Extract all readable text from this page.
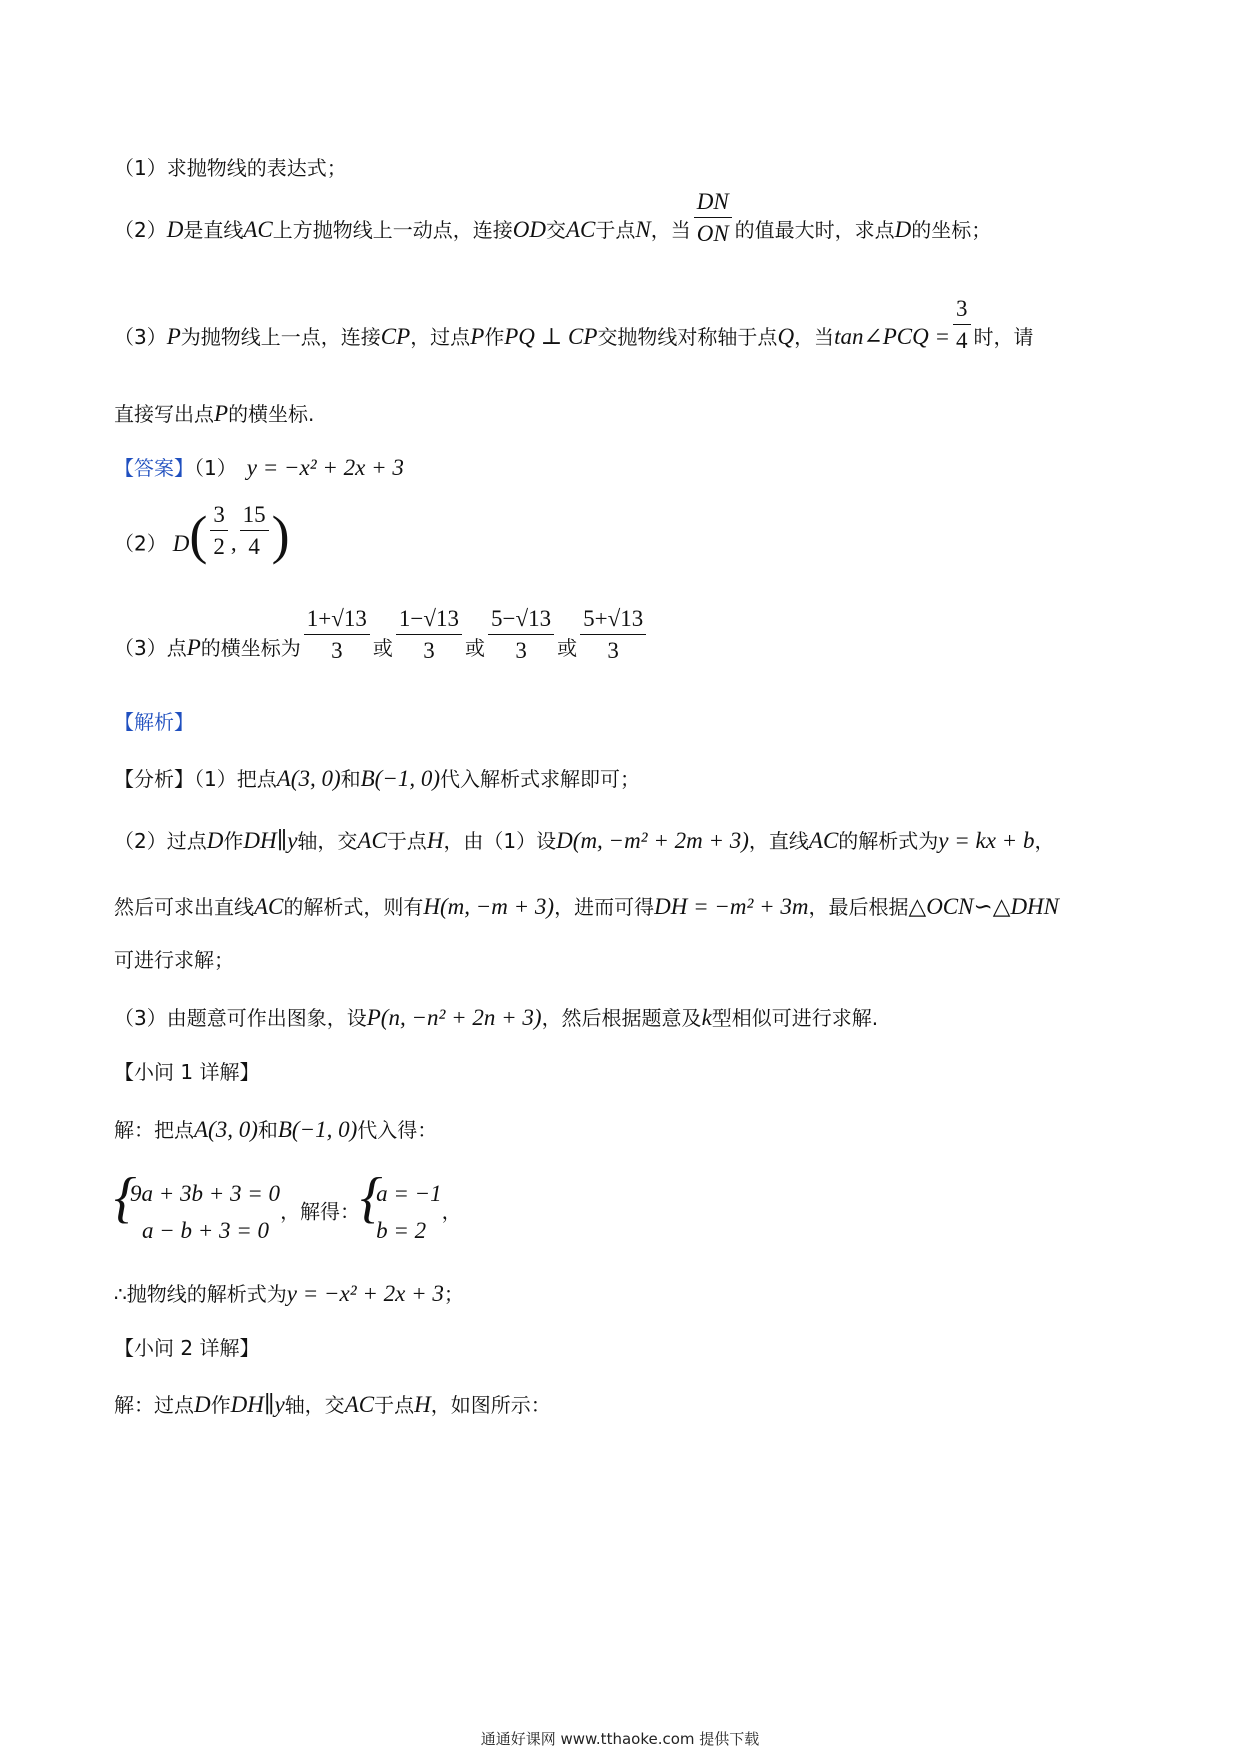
（1）求抛物线的表达式；
（2）D是直线AC上方抛物线上一动点，连接OD交AC于点N，当 $\frac{DN}{ON}$ 的值最大时，求点D的坐标；
（3）P为抛物线上一点，连接CP，过点P作PQ ⊥ CP交抛物线对称轴于点Q，当tan∠PCQ = $\frac{3}{4}$ 时，请
直接写出点P的横坐标.
【答案】（1） y = −x² + 2x + 3
（2） $D( \frac{3}{2}$ , $\frac{15}{4}$ )
（3）点P的横坐标为 $\frac{1+√13}{3}$ 或 $\frac{1-√13}{3}$ 或 $\frac{5-√13}{3}$ 或 $\frac{5+√13}{3}$
【解析】
【分析】（1）把点A(3, 0)和B(−1, 0)代入解析式求解即可；
（2）过点D作DH∥y轴，交AC于点H，由（1）设D(m, −m² + 2m + 3)，直线AC的解析式为y = kx + b，
然后可求出直线AC的解析式，则有H(m, −m + 3)，进而可得DH = −m² + 3m，最后根据△OCN∽△DHN
可进行求解；
（3）由题意可作出图象，设P(n, −n² + 2n + 3)，然后根据题意及k型相似可进行求解.
【小问 1 详解】
解：把点A(3, 0)和B(−1, 0)代入得：
{
9a + 3b + 3 = 0
a − b + 3 = 0
，解得： {
a = −1
b = 2
，
∴抛物线的解析式为y = −x² + 2x + 3；
【小问 2 详解】
解：过点D作DH∥y轴，交AC于点H，如图所示：
通通好课网 www.tthaoke.com 提供下载
